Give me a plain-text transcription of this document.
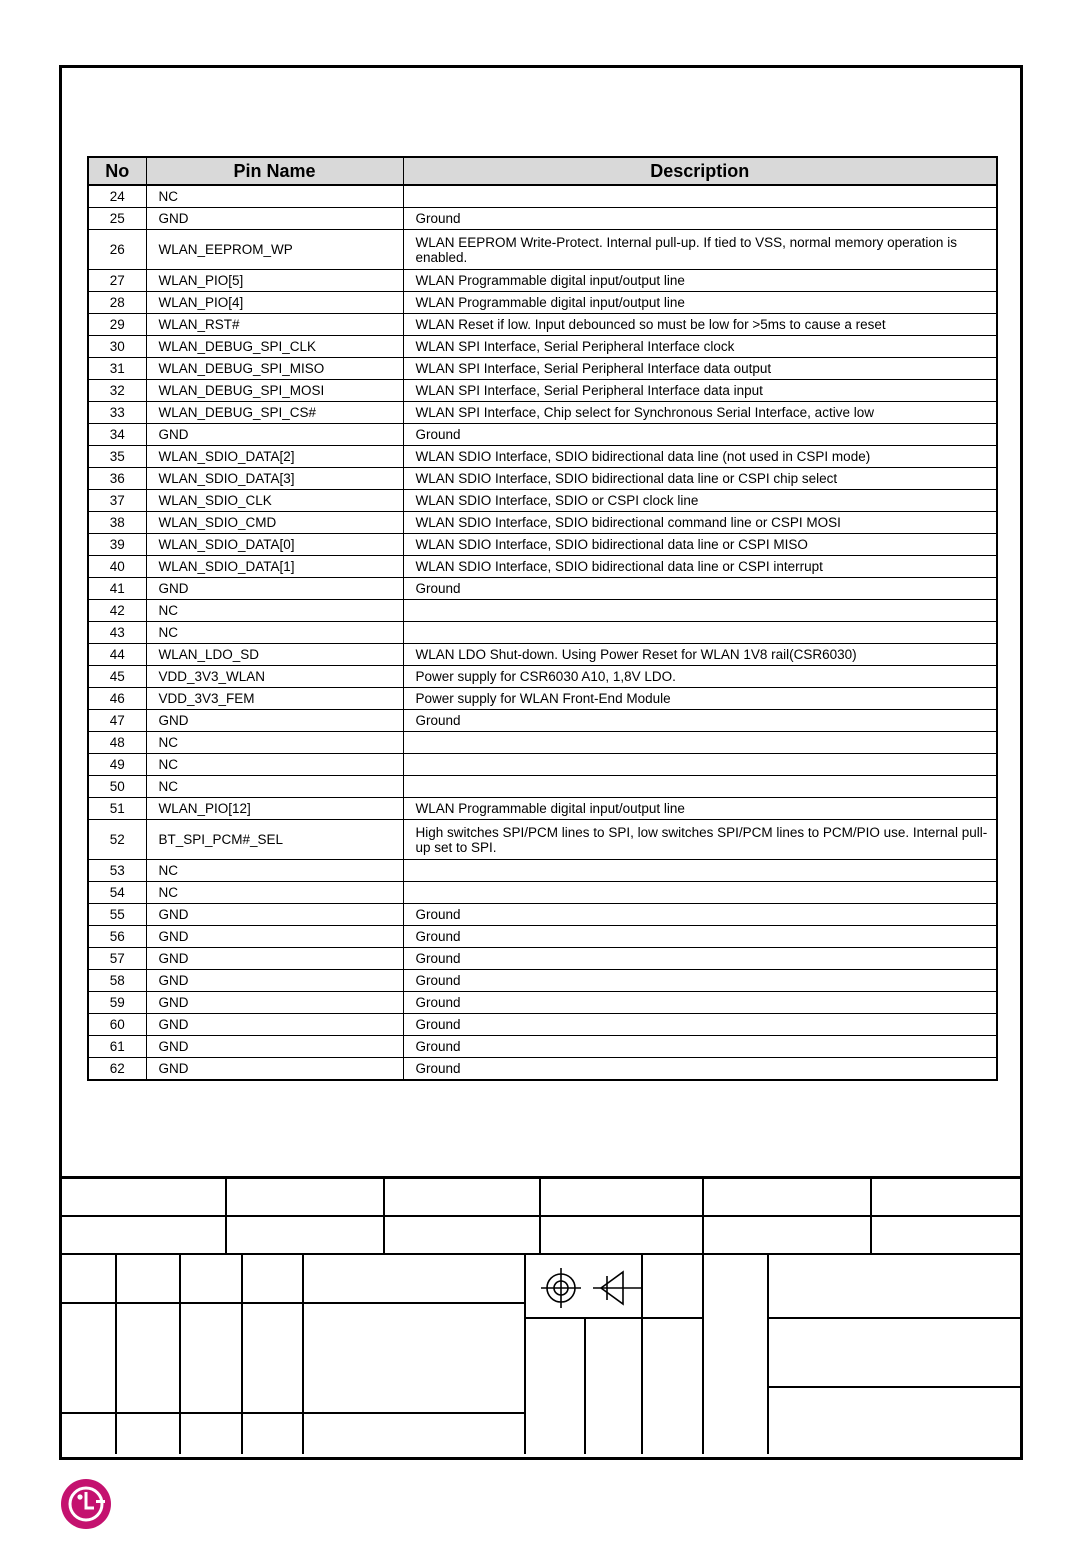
No	Pin Name	Description
24	NC	
25	GND	Ground
26	WLAN_EEPROM_WP	WLAN EEPROM Write-Protect. Internal pull-up. If tied to VSS, normal memory operation is enabled.
27	WLAN_PIO[5]	WLAN Programmable digital input/output line
28	WLAN_PIO[4]	WLAN Programmable digital input/output line
29	WLAN_RST#	WLAN Reset if low. Input debounced so must be low for >5ms to cause a reset
30	WLAN_DEBUG_SPI_CLK	WLAN SPI Interface, Serial Peripheral Interface clock
31	WLAN_DEBUG_SPI_MISO	WLAN SPI Interface, Serial Peripheral Interface data output
32	WLAN_DEBUG_SPI_MOSI	WLAN SPI Interface, Serial Peripheral Interface data input
33	WLAN_DEBUG_SPI_CS#	WLAN SPI Interface, Chip select for Synchronous Serial Interface, active low
34	GND	Ground
35	WLAN_SDIO_DATA[2]	WLAN SDIO Interface, SDIO bidirectional data line (not used in CSPI mode)
36	WLAN_SDIO_DATA[3]	WLAN SDIO Interface, SDIO bidirectional data line or CSPI chip select
37	WLAN_SDIO_CLK	WLAN SDIO Interface, SDIO or CSPI clock line
38	WLAN_SDIO_CMD	WLAN SDIO Interface, SDIO bidirectional command line or CSPI MOSI
39	WLAN_SDIO_DATA[0]	WLAN SDIO Interface, SDIO bidirectional data line or CSPI MISO
40	WLAN_SDIO_DATA[1]	WLAN SDIO Interface, SDIO bidirectional data line or CSPI interrupt
41	GND	Ground
42	NC	
43	NC	
44	WLAN_LDO_SD	WLAN LDO Shut-down. Using Power Reset for WLAN 1V8 rail(CSR6030)
45	VDD_3V3_WLAN	Power supply for CSR6030 A10, 1,8V LDO.
46	VDD_3V3_FEM	Power supply for WLAN Front-End Module
47	GND	Ground
48	NC	
49	NC	
50	NC	
51	WLAN_PIO[12]	WLAN Programmable digital input/output line
52	BT_SPI_PCM#_SEL	High switches SPI/PCM lines to SPI, low switches SPI/PCM lines to PCM/PIO use. Internal pull-up set to SPI.
53	NC	
54	NC	
55	GND	Ground
56	GND	Ground
57	GND	Ground
58	GND	Ground
59	GND	Ground
60	GND	Ground
61	GND	Ground
62	GND	Ground
